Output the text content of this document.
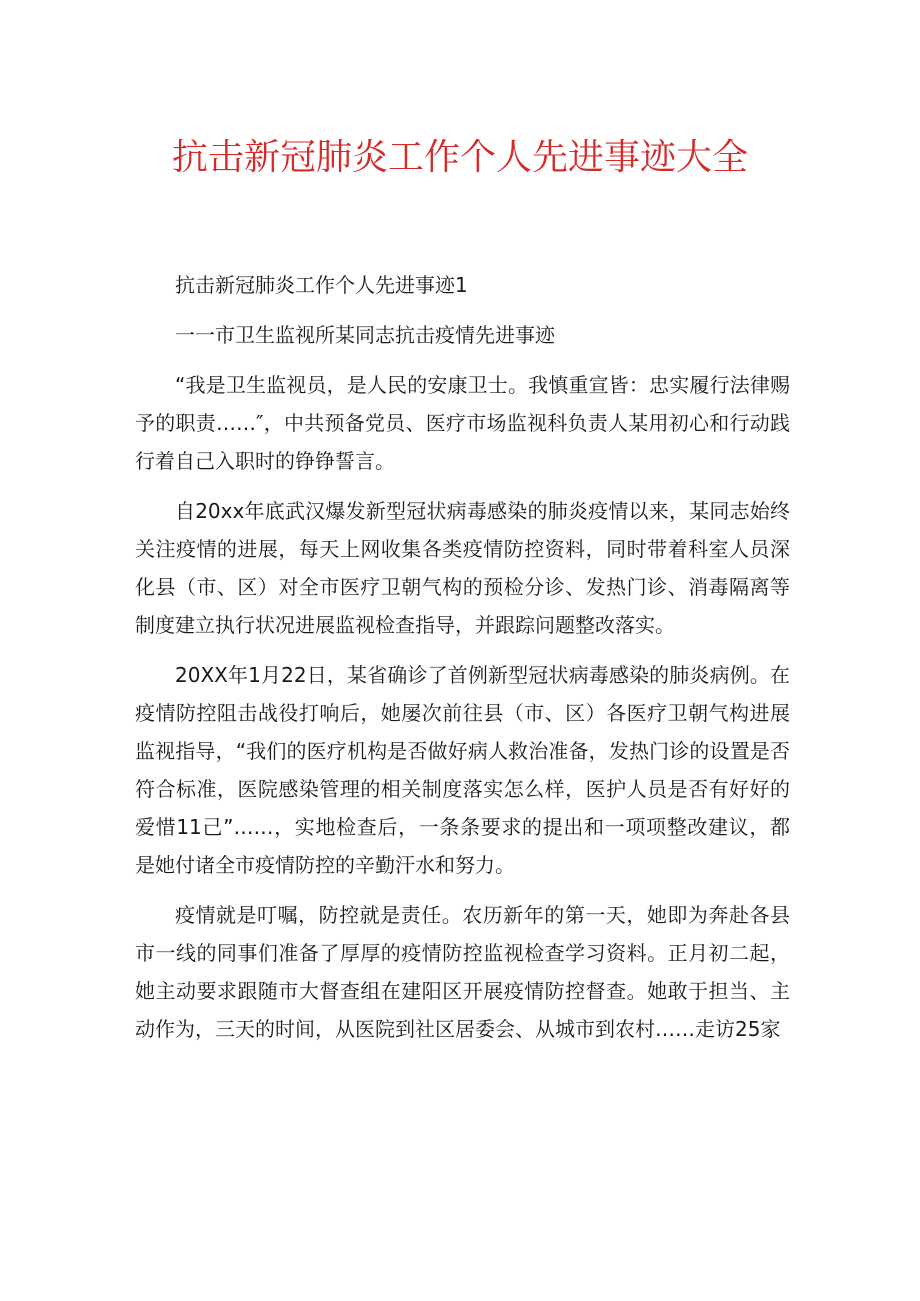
抗击新冠肺炎工作个人先进事迹大全

抗击新冠肺炎工作个人先进事迹1

一一市卫生监视所某同志抗击疫情先进事迹

“我是卫生监视员，是人民的安康卫士。我慎重宣皆：忠实履行法律赐予的职责……″，中共预备党员、医疗市场监视科负责人某用初心和行动践行着自己入职时的铮铮誓言。

自20xx年底武汉爆发新型冠状病毒感染的肺炎疫情以来，某同志始终关注疫情的进展，每天上网收集各类疫情防控资料，同时带着科室人员深化县（市、区）对全市医疗卫朝气构的预检分诊、发热门诊、消毒隔离等制度建立执行状况进展监视检查指导，并跟踪问题整改落实。

20XX年1月22日，某省确诊了首例新型冠状病毒感染的肺炎病例。在疫情防控阻击战役打响后，她屡次前往县（市、区）各医疗卫朝气构进展监视指导，“我们的医疗机构是否做好病人救治准备，发热门诊的设置是否符合标准，医院感染管理的相关制度落实怎么样，医护人员是否有好好的爱惜11己”……，实地检查后，一条条要求的提出和一项项整改建议，都是她付诸全市疫情防控的辛勤汗水和努力。

疫情就是叮嘱，防控就是责任。农历新年的第一天，她即为奔赴各县市一线的同事们准备了厚厚的疫情防控监视检查学习资料。正月初二起，她主动要求跟随市大督查组在建阳区开展疫情防控督查。她敢于担当、主动作为，三天的时间，从医院到社区居委会、从城市到农村……走访25家
